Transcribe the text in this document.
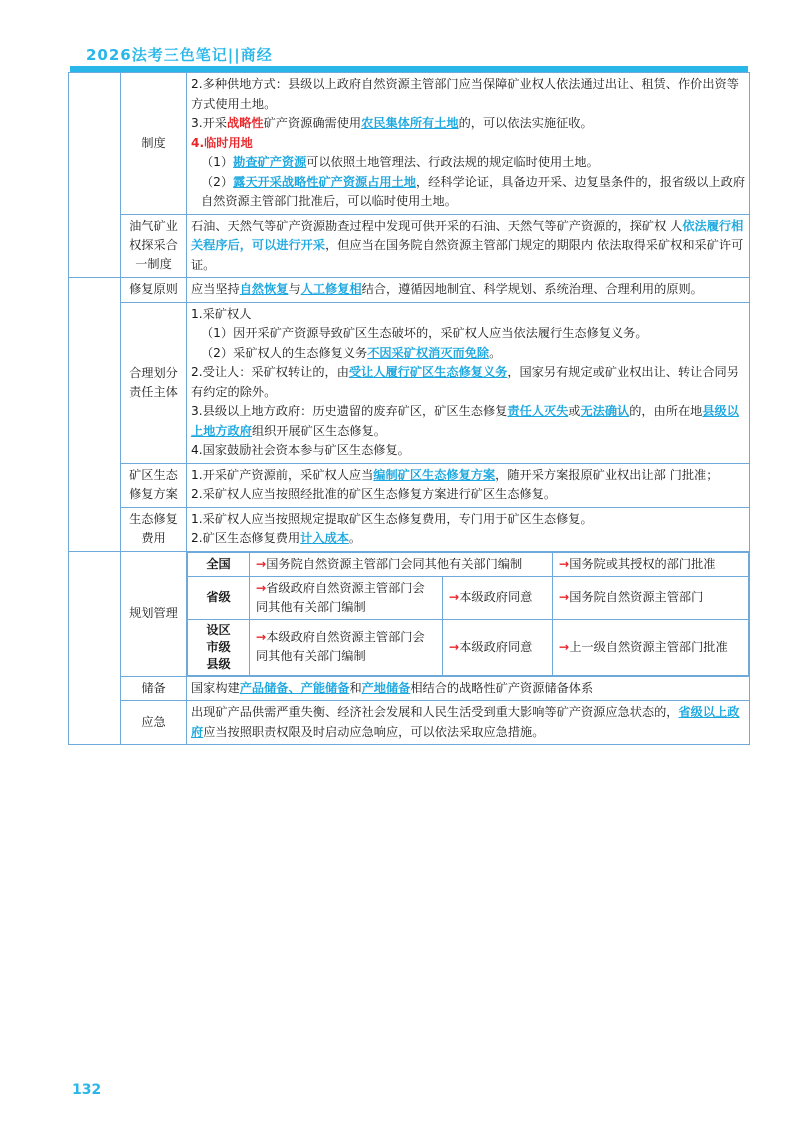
2026法考三色笔记||商经
	制度	
2.多种供地方式：县级以上政府自然资源主管部门应当保障矿业权人依法通过出让、租赁、作价出资等方式使用土地。
3.开采战略性矿产资源确需使用农民集体所有土地的，可以依法实施征收。
4.临时用地
（1）勘查矿产资源可以依照土地管理法、行政法规的规定临时使用土地。
（2）露天开采战略性矿产资源占用土地，经科学论证，具备边开采、边复垦条件的，报省级以上政府自然资源主管部门批准后，可以临时使用土地。

油气矿业权探采合一制度	石油、天然气等矿产资源勘查过程中发现可供开采的石油、天然气等矿产资源的，探矿权 人依法履行相关程序后，可以进行开采，但应当在国务院自然资源主管部门规定的期限内 依法取得采矿权和采矿许可证。
	修复原则	应当坚持自然恢复与人工修复相结合，遵循因地制宜、科学规划、系统治理、合理利用的原则。
合理划分责任主体	
1.采矿权人
（1）因开采矿产资源导致矿区生态破坏的，采矿权人应当依法履行生态修复义务。
（2）采矿权人的生态修复义务不因采矿权消灭而免除。
2.受让人：采矿权转让的，由受让人履行矿区生态修复义务，国家另有规定或矿业权出让、转让合同另有约定的除外。
3.县级以上地方政府：历史遗留的废弃矿区，矿区生态修复责任人灭失或无法确认的，由所在地县级以上地方政府组织开展矿区生态修复。
4.国家鼓励社会资本参与矿区生态修复。

矿区生态修复方案	
1.开采矿产资源前，采矿权人应当编制矿区生态修复方案，随开采方案报原矿业权出让部 门批准；
2.采矿权人应当按照经批准的矿区生态修复方案进行矿区生态修复。

生态修复费用	
1.采矿权人应当按照规定提取矿区生态修复费用，专门用于矿区生态修复。
2.矿区生态修复费用计入成本。

	规划管理	
全国	→国务院自然资源主管部门会同其他有关部门编制	→国务院或其授权的部门批准
省级	→省级政府自然资源主管部门会同其他有关部门编制	→本级政府同意	→国务院自然资源主管部门

设区
市级
县级
	→本级政府自然资源主管部门会同其他有关部门编制	→本级政府同意	→上一级自然资源主管部门批准

储备	国家构建产品储备、产能储备和产地储备相结合的战略性矿产资源储备体系
应急	出现矿产品供需严重失衡、经济社会发展和人民生活受到重大影响等矿产资源应急状态的，省级以上政府应当按照职责权限及时启动应急响应，可以依法采取应急措施。
132
